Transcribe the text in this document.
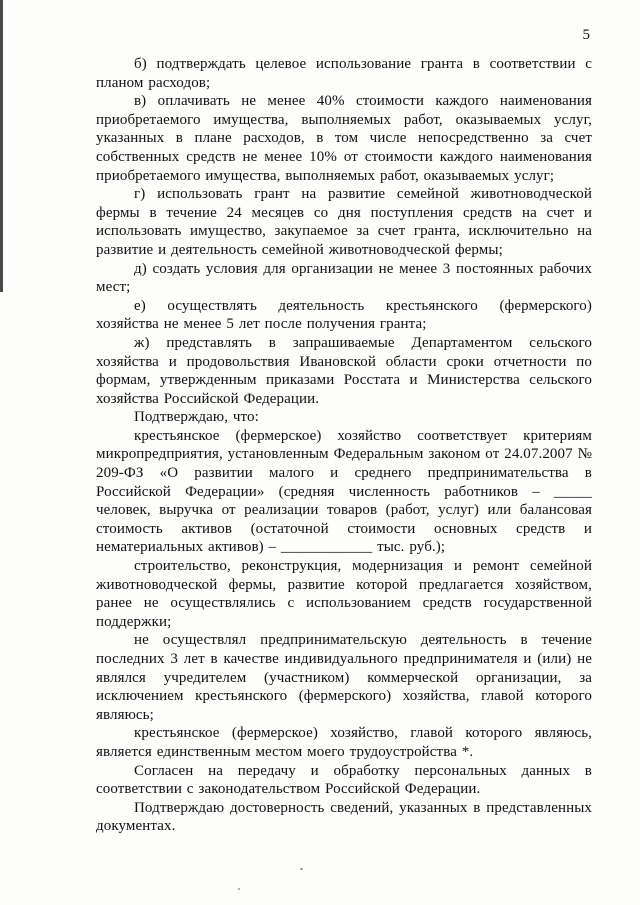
5

б) подтверждать целевое использование гранта в соответствии с планом расходов;

в) оплачивать не менее 40% стоимости каждого наименования приобретаемого имущества, выполняемых работ, оказываемых услуг, указанных в плане расходов, в том числе непосредственно за счет собственных средств не менее 10% от стоимости каждого наименования приобретаемого имущества, выполняемых работ, оказываемых услуг;

г) использовать грант на развитие семейной животноводческой фермы в течение 24 месяцев со дня поступления средств на счет и использовать имущество, закупаемое за счет гранта, исключительно на развитие и деятельность семейной животноводческой фермы;

д) создать условия для организации не менее 3 постоянных рабочих мест;

е) осуществлять деятельность крестьянского (фермерского) хозяйства не менее 5 лет после получения гранта;

ж) представлять в запрашиваемые Департаментом сельского хозяйства и продовольствия Ивановской области сроки отчетности по формам, утвержденным приказами Росстата и Министерства сельского хозяйства Российской Федерации.

Подтверждаю, что:

крестьянское (фермерское) хозяйство соответствует критериям микропредприятия, установленным Федеральным законом от 24.07.2007 № 209-ФЗ «О развитии малого и среднего предпринимательства в Российской Федерации» (средняя численность работников – _____ человек, выручка от реализации товаров (работ, услуг) или балансовая стоимость активов (остаточной стоимости основных средств и нематериальных активов) – ____________ тыс. руб.);

строительство, реконструкция, модернизация и ремонт семейной животноводческой фермы, развитие которой предлагается хозяйством, ранее не осуществлялись с использованием средств государственной поддержки;

не осуществлял предпринимательскую деятельность в течение последних 3 лет в качестве индивидуального предпринимателя и (или) не являлся учредителем (участником) коммерческой организации, за исключением крестьянского (фермерского) хозяйства, главой которого являюсь;

крестьянское (фермерское) хозяйство, главой которого являюсь, является единственным местом моего трудоустройства *.

Согласен на передачу и обработку персональных данных в соответствии с законодательством Российской Федерации.

Подтверждаю достоверность сведений, указанных в представленных документах.
